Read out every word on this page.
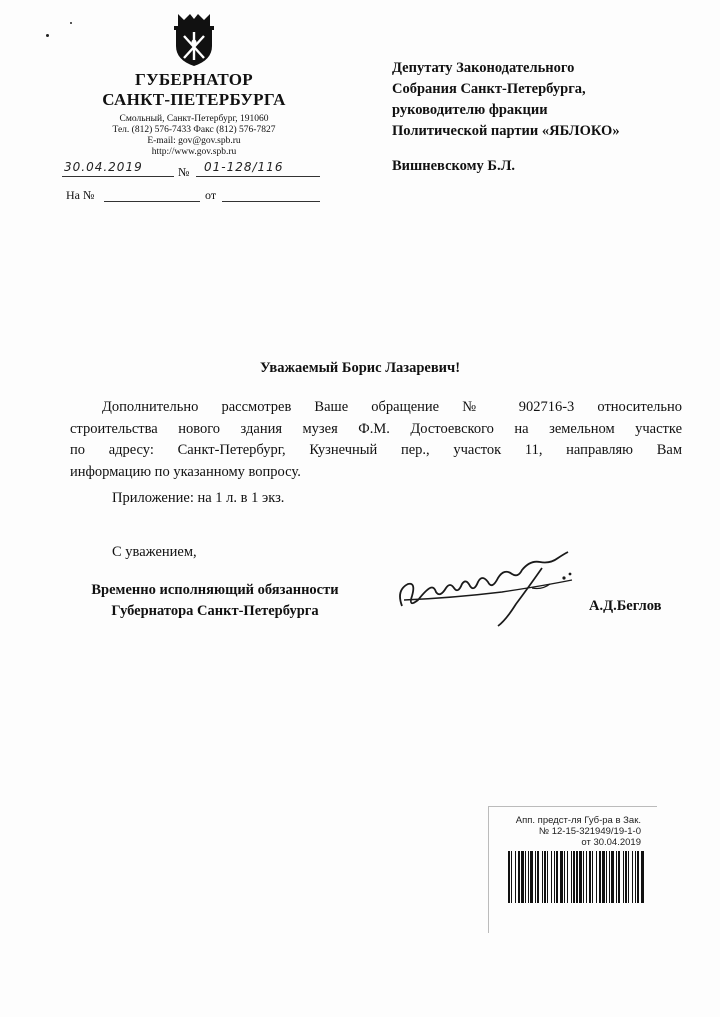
ГУБЕРНАТОР
САНКТ-ПЕТЕРБУРГА
Смольный, Санкт-Петербург, 191060
Тел. (812) 576-7433 Факс (812) 576-7827
E-mail: gov@gov.spb.ru
http://www.gov.spb.ru
30.04.2019	№ 01-128/116
На №	от
Депутату Законодательного
Собрания Санкт-Петербурга,
руководителю фракции
Политической партии «ЯБЛОКО»
Вишневскому Б.Л.
Уважаемый Борис Лазаревич!
Дополнительно рассмотрев Ваше обращение № 902716-3 относительно
строительства нового здания музея Ф.М. Достоевского на земельном участке
по адресу: Санкт-Петербург, Кузнечный пер., участок 11, направляю Вам
информацию по указанному вопросу.
Приложение: на 1 л. в 1 экз.
С уважением,
Временно исполняющий обязанности
Губернатора Санкт-Петербурга	А.Д.Беглов
Апп. предст-ля Губ-ра в Зак.
№ 12-15-321949/19-1-0
от 30.04.2019
